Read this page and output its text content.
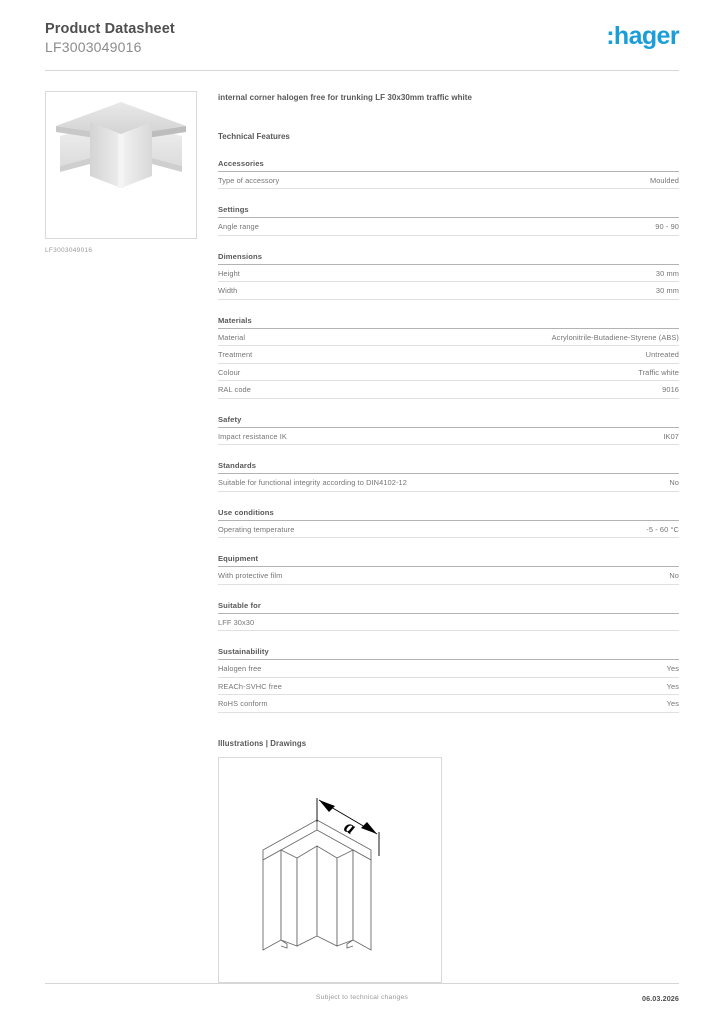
Product Datasheet
LF3003049016	:hager
LF3003049016
internal corner halogen free for trunking LF 30x30mm traffic white
Technical Features
Accessories
Type of accessory	Moulded
Settings
Angle range	90 - 90
Dimensions
Height	30 mm
Width	30 mm
Materials
Material	Acrylonitrile-Butadiene-Styrene (ABS)
Treatment	Untreated
Colour	Traffic white
RAL code	9016
Safety
Impact resistance IK	IK07
Standards
Suitable for functional integrity according to DIN4102-12	No
Use conditions
Operating temperature	-5 - 60 °C
Equipment
With protective film	No
Suitable for
LFF 30x30
Sustainability
Halogen free	Yes
REACh-SVHC free	Yes
RoHS conform	Yes
Illustrations | Drawings
a
Subject to technical changes	06.03.2026
